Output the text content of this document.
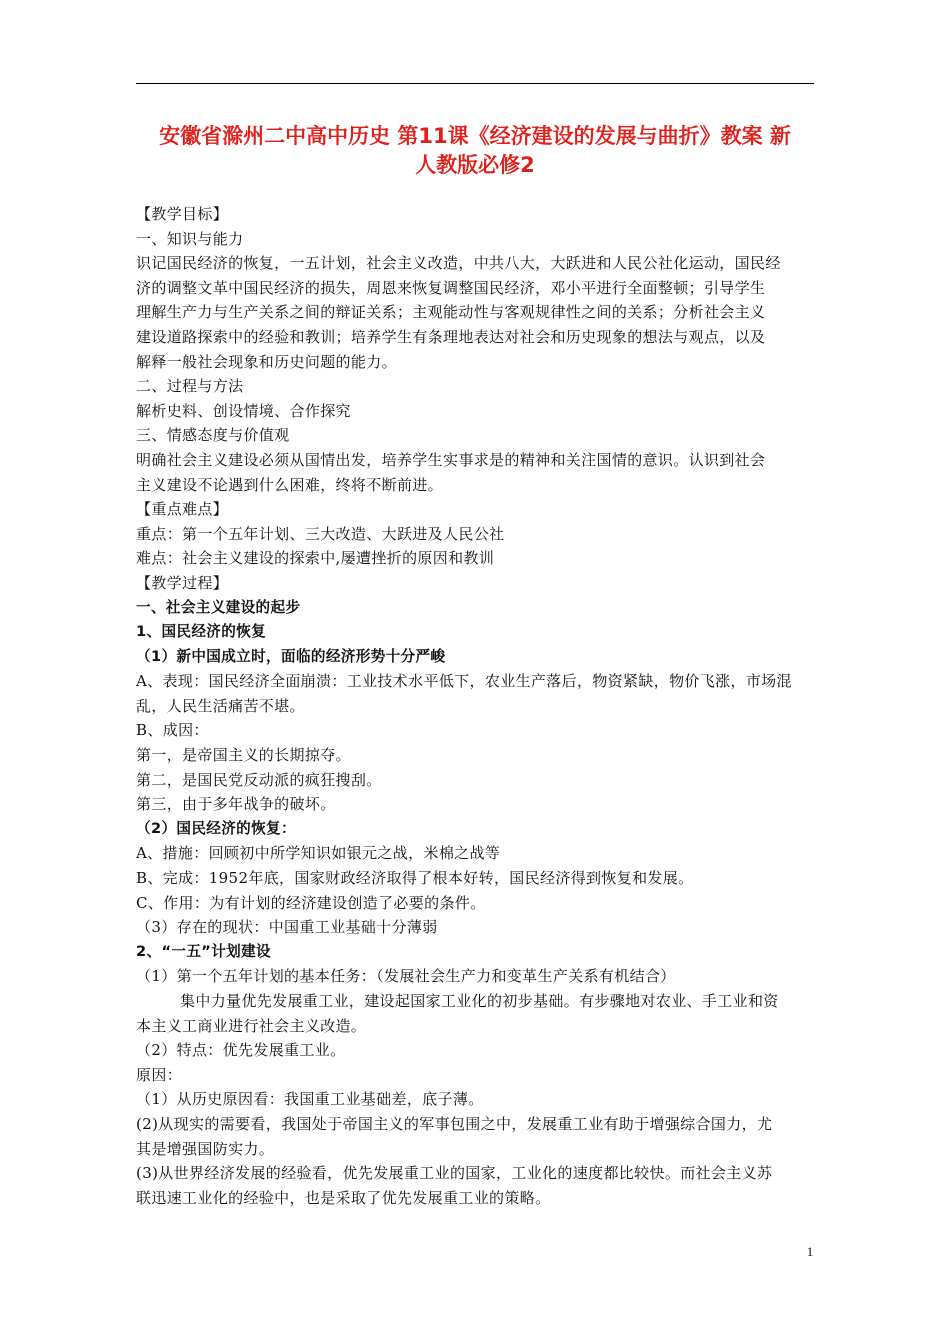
安徽省滁州二中高中历史 第11课《经济建设的发展与曲折》教案 新
人教版必修2
【教学目标】
一、知识与能力
识记国民经济的恢复，一五计划，社会主义改造，中共八大，大跃进和人民公社化运动，国民经
济的调整文革中国民经济的损失，周恩来恢复调整国民经济，邓小平进行全面整顿；引导学生
理解生产力与生产关系之间的辩证关系；主观能动性与客观规律性之间的关系；分析社会主义
建设道路探索中的经验和教训；培养学生有条理地表达对社会和历史现象的想法与观点，以及
解释一般社会现象和历史问题的能力。
二、过程与方法
解析史料、创设情境、合作探究
三、情感态度与价值观
明确社会主义建设必须从国情出发，培养学生实事求是的精神和关注国情的意识。认识到社会
主义建设不论遇到什么困难，终将不断前进。
【重点难点】
重点：第一个五年计划、三大改造、大跃进及人民公社
难点：社会主义建设的探索中,屡遭挫折的原因和教训
【教学过程】
一、社会主义建设的起步
1、国民经济的恢复
（1）新中国成立时，面临的经济形势十分严峻
A、表现：国民经济全面崩溃：工业技术水平低下，农业生产落后，物资紧缺，物价飞涨，市场混
乱，人民生活痛苦不堪。
B、成因：
第一，是帝国主义的长期掠夺。
第二，是国民党反动派的疯狂搜刮。
第三，由于多年战争的破坏。
（2）国民经济的恢复：
A、措施：回顾初中所学知识如银元之战，米棉之战等
B、完成：1952年底，国家财政经济取得了根本好转，国民经济得到恢复和发展。
C、作用：为有计划的经济建设创造了必要的条件。
（3）存在的现状：中国重工业基础十分薄弱
2、“一五”计划建设
（1）第一个五年计划的基本任务：（发展社会生产力和变革生产关系有机结合）
集中力量优先发展重工业，建设起国家工业化的初步基础。有步骤地对农业、手工业和资
本主义工商业进行社会主义改造。
（2）特点：优先发展重工业。
原因：
（1）从历史原因看：我国重工业基础差，底子薄。
(2)从现实的需要看，我国处于帝国主义的军事包围之中，发展重工业有助于增强综合国力，尤
其是增强国防实力。
(3)从世界经济发展的经验看，优先发展重工业的国家，工业化的速度都比较快。而社会主义苏
联迅速工业化的经验中，也是采取了优先发展重工业的策略。
1
